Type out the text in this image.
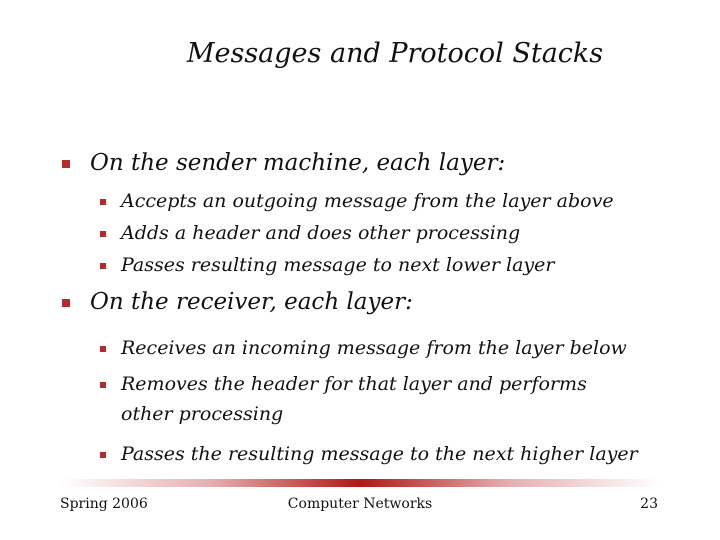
Messages and Protocol Stacks
On the sender machine, each layer:
Accepts an outgoing message from the layer above
Adds a header and does other processing
Passes resulting message to next lower layer
On the receiver, each layer:
Receives an incoming message from the layer below
Removes the header for that layer and performs other processing
Passes the resulting message to the next higher layer
Spring 2006	Computer Networks	23
